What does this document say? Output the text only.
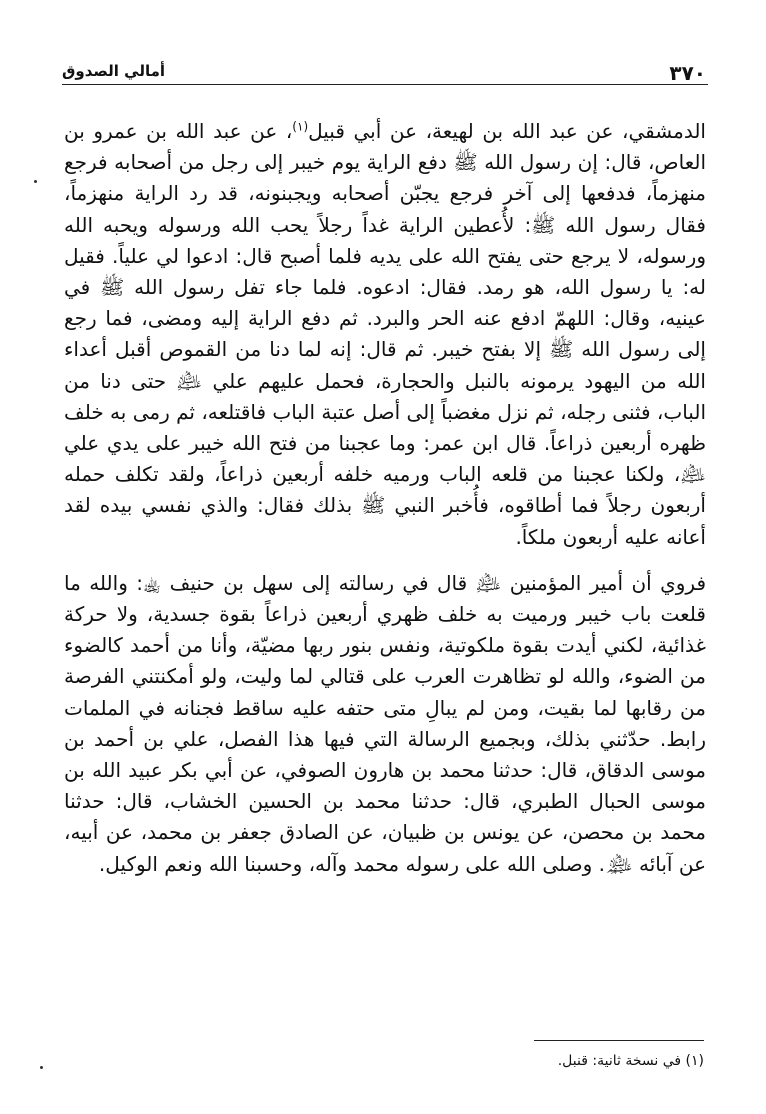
أمالي الصدوق	٣٧٠

الدمشقي، عن عبد الله بن لهيعة، عن أبي قبيل$^{(١)}$، عن عبد الله بن عمرو بن العاص، قال: إن رسول الله ﷺ دفع الراية يوم خيبر إلى رجل من أصحابه فرجع منهزماً، فدفعها إلى آخر فرجع يجبّن أصحابه ويجبنونه، قد رد الراية منهزماً، فقال رسول الله ﷺ: لأُعطين الراية غداً رجلاً يحب الله ورسوله ويحبه الله ورسوله، لا يرجع حتى يفتح الله على يديه فلما أصبح قال: ادعوا لي علياً. فقيل له: يا رسول الله، هو رمد. فقال: ادعوه. فلما جاء تفل رسول الله ﷺ في عينيه، وقال: اللهمّ ادفع عنه الحر والبرد. ثم دفع الراية إليه ومضى، فما رجع إلى رسول الله ﷺ إلا بفتح خيبر. ثم قال: إنه لما دنا من القموص أقبل أعداء الله من اليهود يرمونه بالنبل والحجارة، فحمل عليهم علي ﵇ حتى دنا من الباب، فثنى رجله، ثم نزل مغضباً إلى أصل عتبة الباب فاقتلعه، ثم رمى به خلف ظهره أربعين ذراعاً. قال ابن عمر: وما عجبنا من فتح الله خيبر على يدي علي ﵇، ولكنا عجبنا من قلعه الباب ورميه خلفه أربعين ذراعاً، ولقد تكلف حمله أربعون رجلاً فما أطاقوه، فأُخبر النبي ﷺ بذلك فقال: والذي نفسي بيده لقد أعانه عليه أربعون ملكاً.

فروي أن أمير المؤمنين ﵇ قال في رسالته إلى سهل بن حنيف ﵀: والله ما قلعت باب خيبر ورميت به خلف ظهري أربعين ذراعاً بقوة جسدية، ولا حركة غذائية، لكني أيدت بقوة ملكوتية، ونفس بنور ربها مضيّة، وأنا من أحمد كالضوء من الضوء، والله لو تظاهرت العرب على قتالي لما وليت، ولو أمكنتني الفرصة من رقابها لما بقيت، ومن لم يبالِ متى حتفه عليه ساقط فجنانه في الملمات رابط. حدّثني بذلك، وبجميع الرسالة التي فيها هذا الفصل، علي بن أحمد بن موسى الدقاق، قال: حدثنا محمد بن هارون الصوفي، عن أبي بكر عبيد الله بن موسى الحبال الطبري، قال: حدثنا محمد بن الحسين الخشاب، قال: حدثنا محمد بن محصن، عن يونس بن ظبيان، عن الصادق جعفر بن محمد، عن أبيه، عن آبائه ﵈. وصلى الله على رسوله محمد وآله، وحسبنا الله ونعم الوكيل.

(١) في نسخة ثانية: قنبل.
